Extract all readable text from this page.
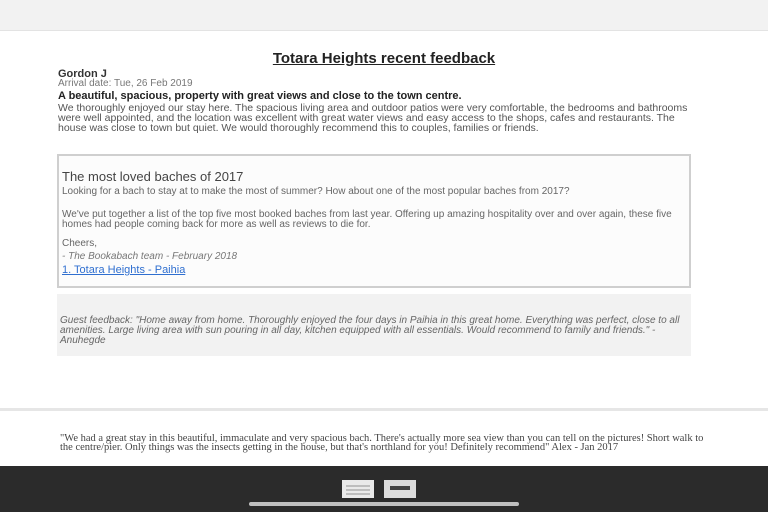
Totara Heights recent feedback
Gordon J
Arrival date: Tue, 26 Feb 2019
A beautiful, spacious, property with great views and close to the town centre.
We thoroughly enjoyed our stay here. The spacious living area and outdoor patios were very comfortable, the bedrooms and bathrooms were well appointed, and the location was excellent with great water views and easy access to the shops, cafes and restaurants. The house was close to town but quiet. We would thoroughly recommend this to couples, families or friends.
The most loved baches of 2017
Looking for a bach to stay at to make the most of summer? How about one of the most popular baches from 2017?
We've put together a list of the top five most booked baches from last year. Offering up amazing hospitality over and over again, these five homes had people coming back for more as well as reviews to die for.
Cheers,
- The Bookabach team - February 2018
1. Totara Heights - Paihia
Guest feedback: "Home away from home. Thoroughly enjoyed the four days in Paihia in this great home. Everything was perfect, close to all amenities. Large living area with sun pouring in all day, kitchen equipped with all essentials. Would recommend to family and friends." - Anuhegde
"We had a great stay in this beautiful, immaculate and very spacious bach. There's actually more sea view than you can tell on the pictures! Short walk to the centre/pier. Only things was the insects getting in the house, but that's northland for you! Definitely recommend" Alex - Jan 2017
